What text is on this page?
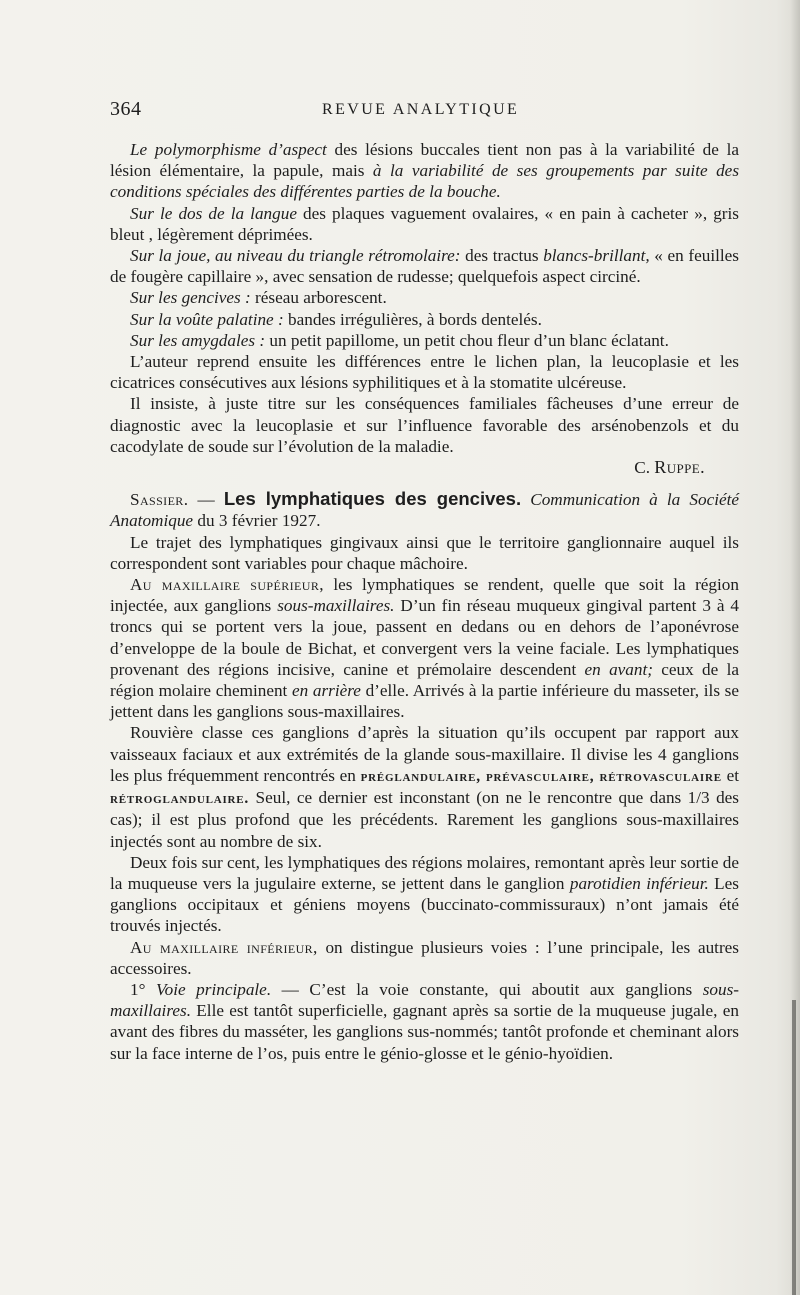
364	REVUE ANALYTIQUE

Le polymorphisme d’aspect des lésions buccales tient non pas à la variabilité de la lésion élémentaire, la papule, mais à la variabilité de ses groupements par suite des conditions spéciales des différentes parties de la bouche.

Sur le dos de la langue des plaques vaguement ovalaires, « en pain à cacheter », gris bleut , légèrement déprimées.

Sur la joue, au niveau du triangle rétromolaire: des tractus blancs-brillant, « en feuilles de fougère capillaire », avec sensation de rudesse; quelquefois aspect circiné.

Sur les gencives : réseau arborescent.

Sur la voûte palatine : bandes irrégulières, à bords dentelés.

Sur les amygdales : un petit papillome, un petit chou fleur d’un blanc éclatant.

L’auteur reprend ensuite les différences entre le lichen plan, la leucoplasie et les cicatrices consécutives aux lésions syphilitiques et à la stomatite ulcéreuse.

Il insiste, à juste titre sur les conséquences familiales fâcheuses d’une erreur de diagnostic avec la leucoplasie et sur l’influence favorable des arsénobenzols et du cacodylate de soude sur l’évolution de la maladie.

C. Ruppe.

Sassier. — Les lymphatiques des gencives. Communication à la Société Anatomique du 3 février 1927.

Le trajet des lymphatiques gingivaux ainsi que le territoire ganglionnaire auquel ils correspondent sont variables pour chaque mâchoire.

Au maxillaire supérieur, les lymphatiques se rendent, quelle que soit la région injectée, aux ganglions sous-maxillaires. D’un fin réseau muqueux gingival partent 3 à 4 troncs qui se portent vers la joue, passent en dedans ou en dehors de l’aponévrose d’enveloppe de la boule de Bichat, et convergent vers la veine faciale. Les lymphatiques provenant des régions incisive, canine et prémolaire descendent en avant; ceux de la région molaire cheminent en arrière d’elle. Arrivés à la partie inférieure du masseter, ils se jettent dans les ganglions sous-maxillaires.

Rouvière classe ces ganglions d’après la situation qu’ils occupent par rapport aux vaisseaux faciaux et aux extrémités de la glande sous-maxillaire. Il divise les 4 ganglions les plus fréquemment rencontrés en préglandulaire, prévasculaire, rétrovasculaire et rétroglandulaire. Seul, ce dernier est inconstant (on ne le rencontre que dans 1/3 des cas); il est plus profond que les précédents. Rarement les ganglions sous-maxillaires injectés sont au nombre de six.

Deux fois sur cent, les lymphatiques des régions molaires, remontant après leur sortie de la muqueuse vers la jugulaire externe, se jettent dans le ganglion parotidien inférieur. Les ganglions occipitaux et géniens moyens (buccinato-commissuraux) n’ont jamais été trouvés injectés.

Au maxillaire inférieur, on distingue plusieurs voies : l’une principale, les autres accessoires.

1° Voie principale. — C’est la voie constante, qui aboutit aux ganglions sous-maxillaires. Elle est tantôt superficielle, gagnant après sa sortie de la muqueuse jugale, en avant des fibres du masséter, les ganglions sus-nommés; tantôt profonde et cheminant alors sur la face interne de l’os, puis entre le génio-glosse et le génio-hyoïdien.
